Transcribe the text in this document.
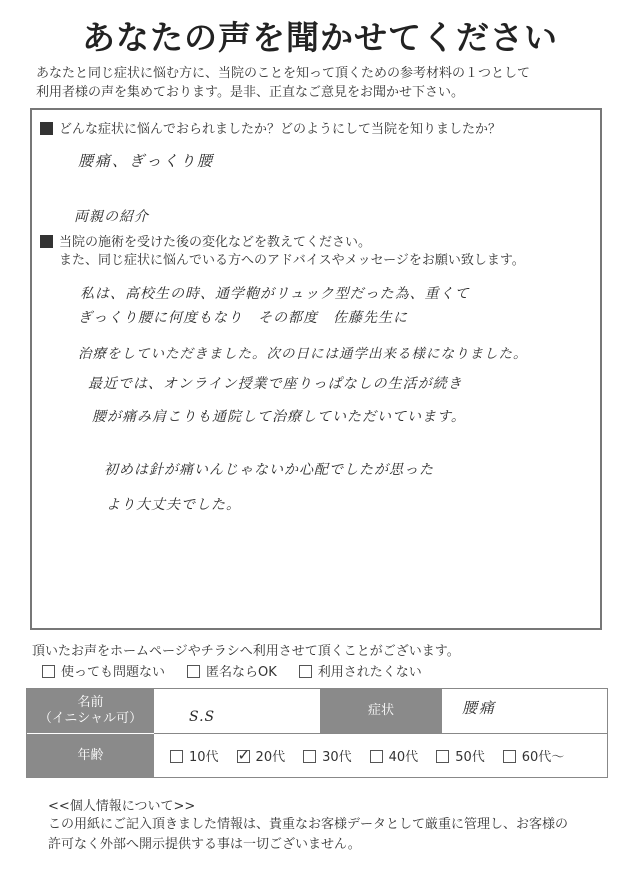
あなたの声を聞かせてください
あなたと同じ症状に悩む方に、当院のことを知って頂くための参考材料の１つとして
利用者様の声を集めております。是非、正直なご意見をお聞かせ下さい。
どんな症状に悩んでおられましたか？どのようにして当院を知りましたか？
腰痛、ぎっくり腰
両親の紹介
当院の施術を受けた後の変化などを教えてください。
また、同じ症状に悩んでいる方へのアドバイスやメッセージをお願い致します。
私は、高校生の時、通学鞄がリュック型だった為、重くて
ぎっくり腰に何度もなり　その都度　佐藤先生に
治療をしていただきました。次の日には通学出来る様になりました。
最近では、オンライン授業で座りっぱなしの生活が続き
腰が痛み肩こりも通院して治療していただいています。
初めは針が痛いんじゃないか心配でしたが思った
より大丈夫でした。
頂いたお声をホームページやチラシへ利用させて頂くことがございます。
使っても問題ない	匿名ならOK	利用されたくない
名前
（イニシャル可）	S.S	症状	腰痛
年齢	10代
✓	20代	30代	40代	50代	60代〜
<<個人情報について>>
この用紙にご記入頂きました情報は、貴重なお客様データとして厳重に管理し、お客様の
許可なく外部へ開示提供する事は一切ございません。
